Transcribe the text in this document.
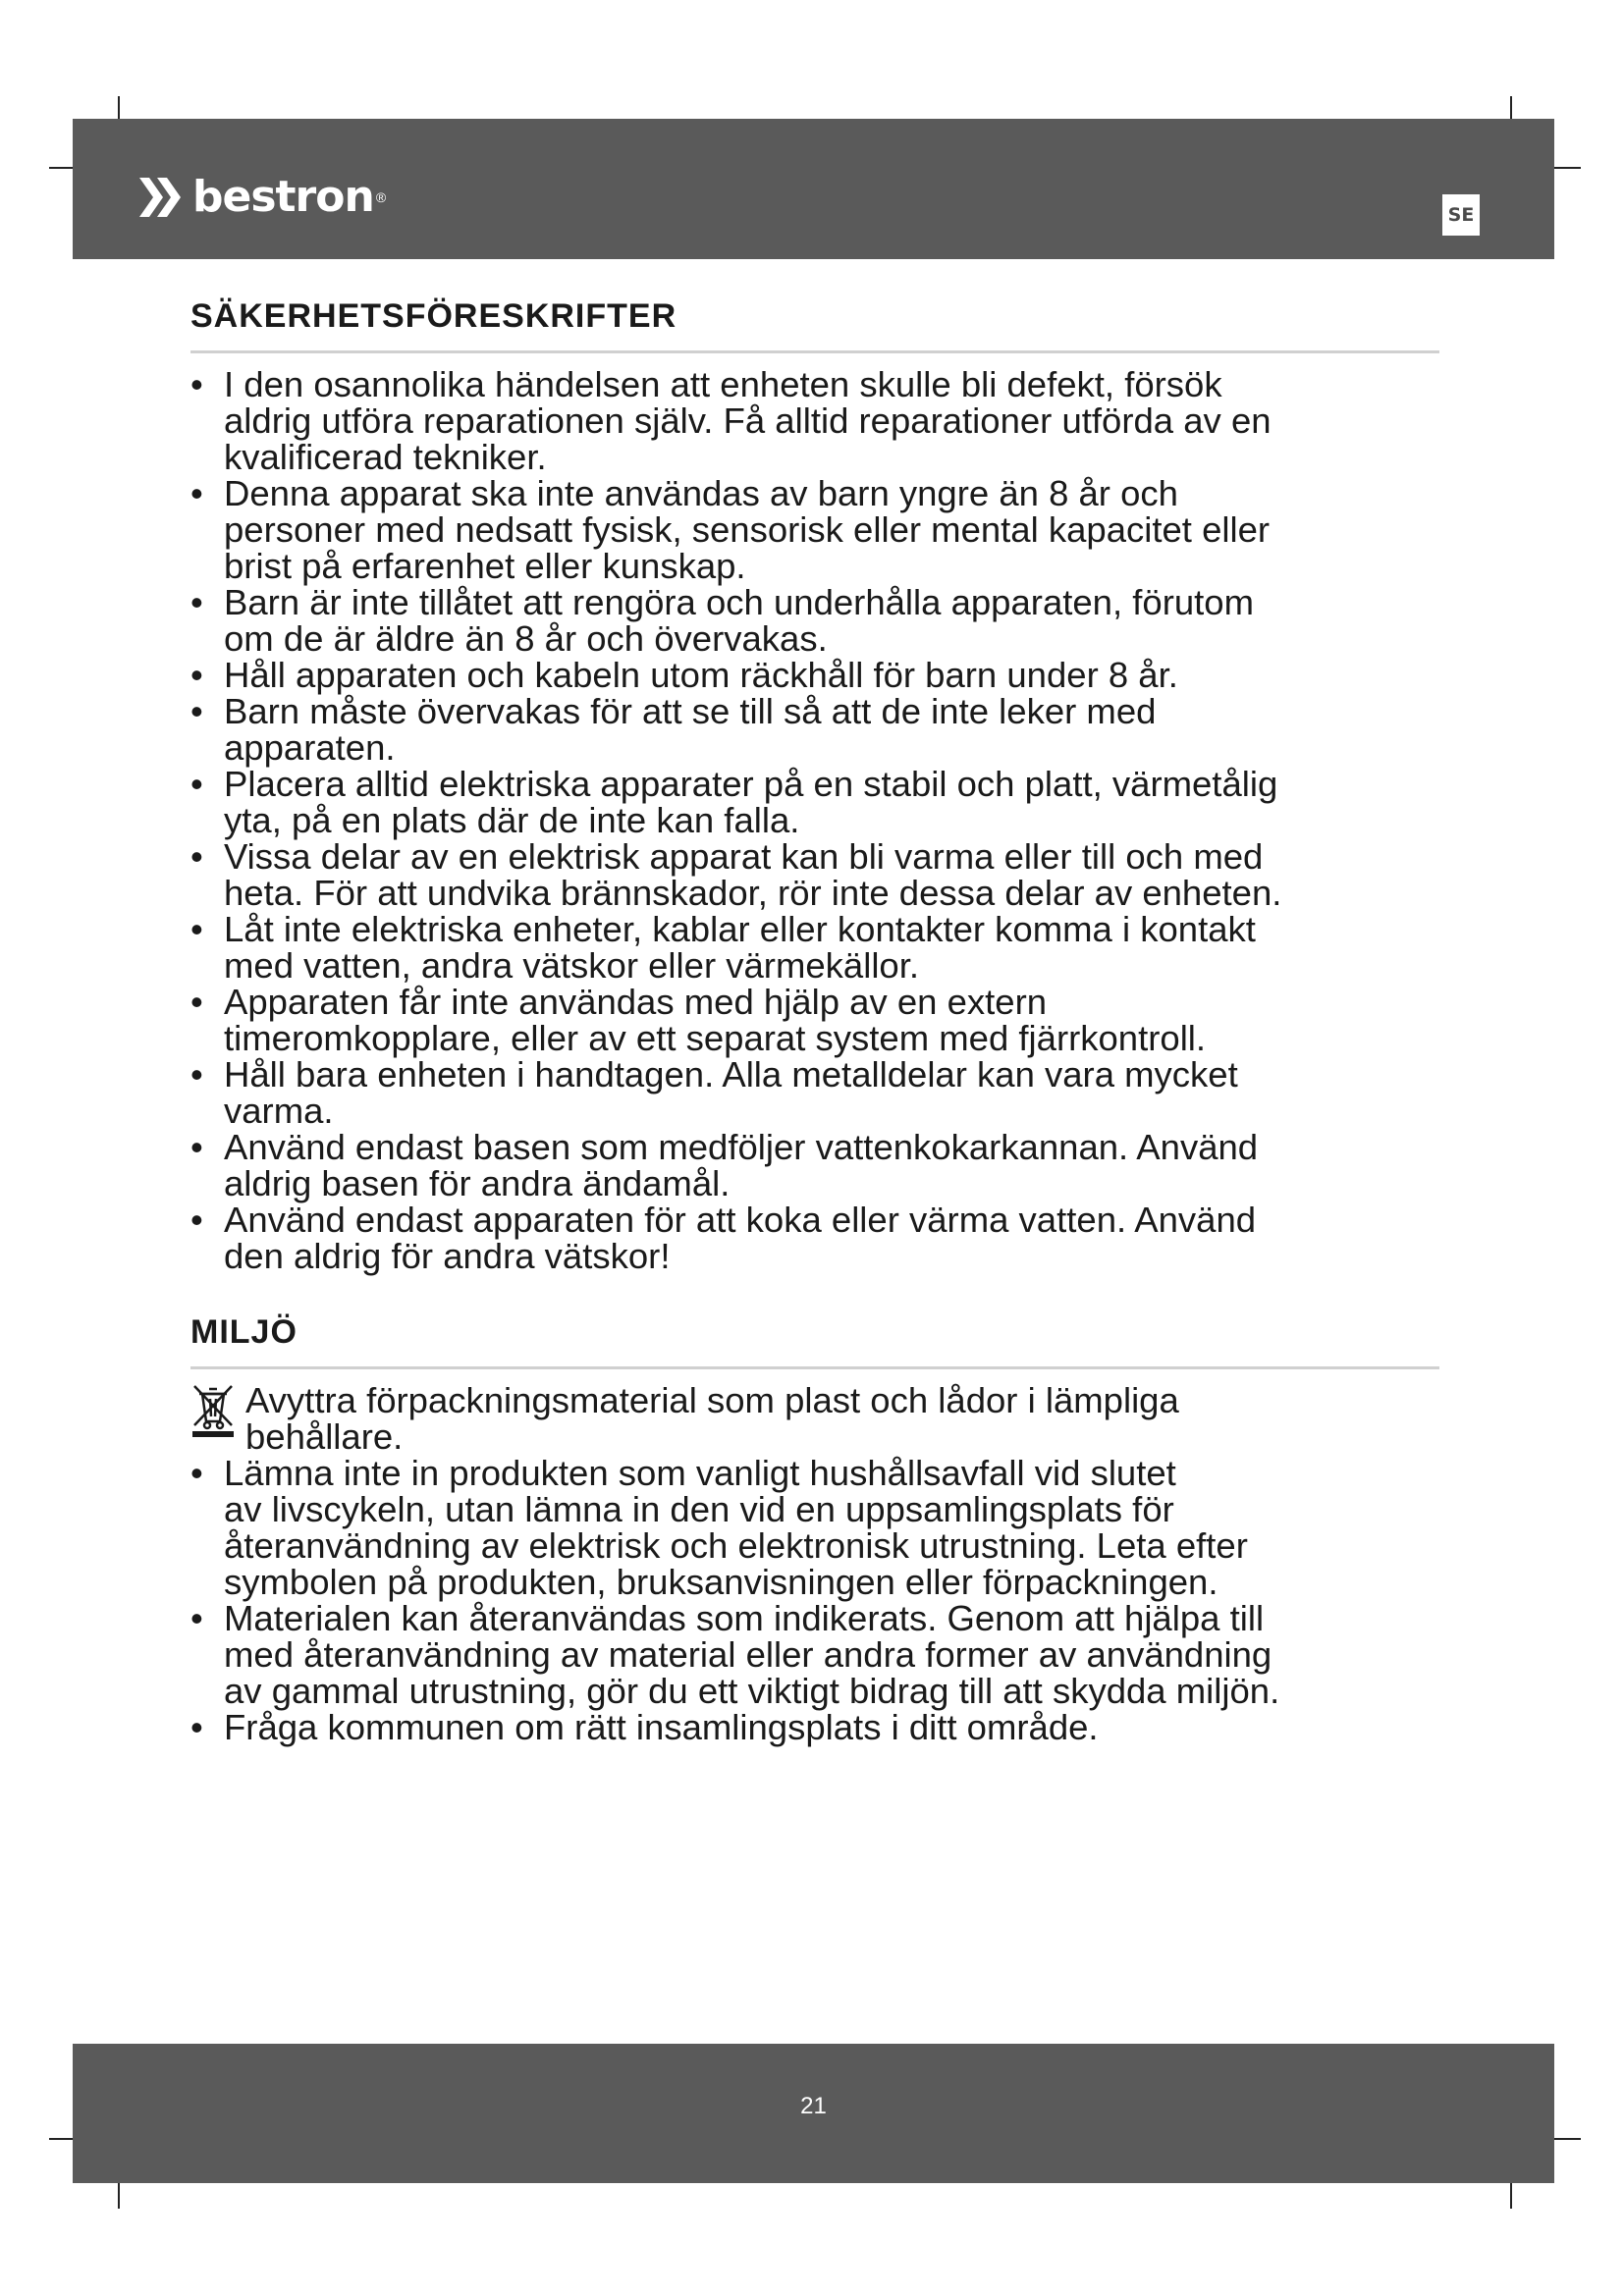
bestron ®
SE
SÄKERHETSFÖRESKRIFTER
• I den osannolika händelsen att enheten skulle bli defekt, försök
aldrig utföra reparationen själv. Få alltid reparationer utförda av en
kvalificerad tekniker.
• Denna apparat ska inte användas av barn yngre än 8 år och
personer med nedsatt fysisk, sensorisk eller mental kapacitet eller
brist på erfarenhet eller kunskap.
• Barn är inte tillåtet att rengöra och underhålla apparaten, förutom
om de är äldre än 8 år och övervakas.
• Håll apparaten och kabeln utom räckhåll för barn under 8 år.
• Barn måste övervakas för att se till så att de inte leker med
apparaten.
• Placera alltid elektriska apparater på en stabil och platt, värmetålig
yta, på en plats där de inte kan falla.
• Vissa delar av en elektrisk apparat kan bli varma eller till och med
heta. För att undvika brännskador, rör inte dessa delar av enheten.
• Låt inte elektriska enheter, kablar eller kontakter komma i kontakt
med vatten, andra vätskor eller värmekällor.
• Apparaten får inte användas med hjälp av en extern
timeromkopplare, eller av ett separat system med fjärrkontroll.
• Håll bara enheten i handtagen. Alla metalldelar kan vara mycket
varma.
• Använd endast basen som medföljer vattenkokarkannan. Använd
aldrig basen för andra ändamål.
• Använd endast apparaten för att koka eller värma vatten. Använd
den aldrig för andra vätskor!
MILJÖ
Avyttra förpackningsmaterial som plast och lådor i lämpliga
behållare.
• Lämna inte in produkten som vanligt hushållsavfall vid slutet
av livscykeln, utan lämna in den vid en uppsamlingsplats för
återanvändning av elektrisk och elektronisk utrustning. Leta efter
symbolen på produkten, bruksanvisningen eller förpackningen.
• Materialen kan återanvändas som indikerats. Genom att hjälpa till
med återanvändning av material eller andra former av användning
av gammal utrustning, gör du ett viktigt bidrag till att skydda miljön.
• Fråga kommunen om rätt insamlingsplats i ditt område.
21
